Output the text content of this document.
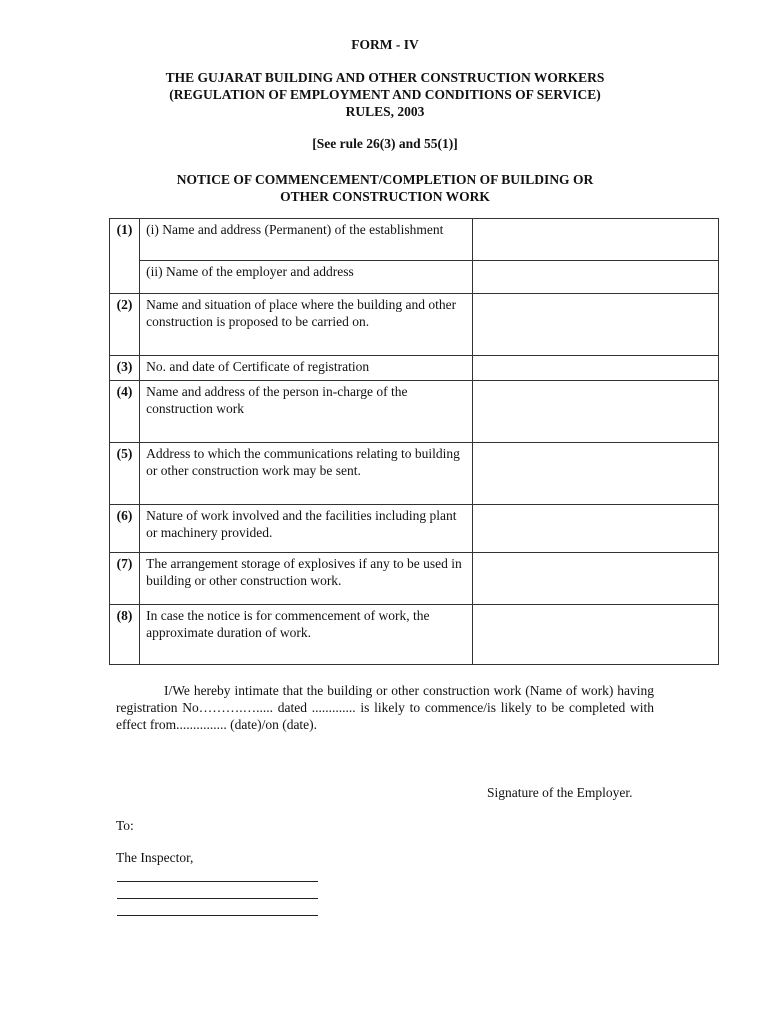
FORM - IV
THE GUJARAT BUILDING AND OTHER CONSTRUCTION WORKERS
(REGULATION OF EMPLOYMENT AND CONDITIONS OF SERVICE)
RULES, 2003
[See rule 26(3) and 55(1)]
NOTICE OF COMMENCEMENT/COMPLETION OF BUILDING OR
OTHER CONSTRUCTION WORK
(1)	(i) Name and address (Permanent) of the establishment	
	(ii) Name of the employer and address	
(2)	Name and situation of place where the building and other construction is proposed to be carried on.	
(3)	No. and date of Certificate of registration	
(4)	Name and address of the person in-charge of the construction work	
(5)	Address to which the communications relating to building or other construction work may be sent.	
(6)	Nature of work involved and the facilities including plant or machinery provided.	
(7)	The arrangement storage of explosives if any to be used in building or other construction work.	
(8)	In case the notice is for commencement of work, the approximate duration of work.	
I/We hereby intimate that the building or other construction work (Name of work) having registration No……….…..... dated ............. is likely to commence/is likely to be completed with effect from............... (date)/on (date).
Signature of the Employer.
To:
The Inspector,
